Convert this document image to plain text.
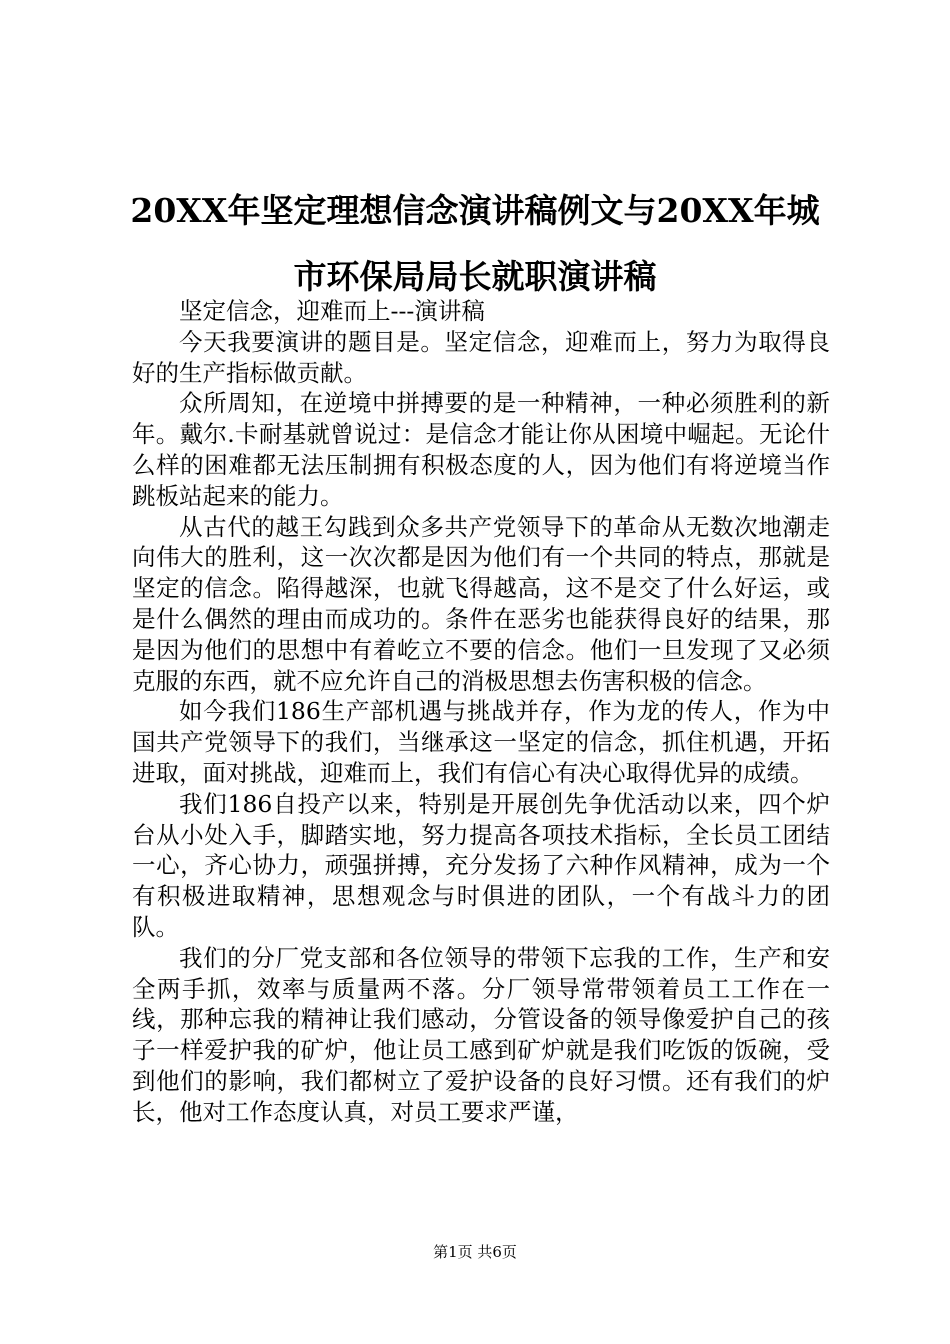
20XX年坚定理想信念演讲稿例文与20XX年城市环保局局长就职演讲稿

坚定信念，迎难而上---演讲稿

今天我要演讲的题目是。坚定信念，迎难而上，努力为取得良好的生产指标做贡献。

众所周知，在逆境中拼搏要的是一种精神，一种必须胜利的新年。戴尔.卡耐基就曾说过：是信念才能让你从困境中崛起。无论什么样的困难都无法压制拥有积极态度的人，因为他们有将逆境当作跳板站起来的能力。

从古代的越王勾践到众多共产党领导下的革命从无数次地潮走向伟大的胜利，这一次次都是因为他们有一个共同的特点，那就是坚定的信念。陷得越深，也就飞得越高，这不是交了什么好运，或是什么偶然的理由而成功的。条件在恶劣也能获得良好的结果，那是因为他们的思想中有着屹立不要的信念。他们一旦发现了又必须克服的东西，就不应允许自己的消极思想去伤害积极的信念。

如今我们186生产部机遇与挑战并存，作为龙的传人，作为中国共产党领导下的我们，当继承这一坚定的信念，抓住机遇，开拓进取，面对挑战，迎难而上，我们有信心有决心取得优异的成绩。

我们186自投产以来，特别是开展创先争优活动以来，四个炉台从小处入手，脚踏实地，努力提高各项技术指标，全长员工团结一心，齐心协力，顽强拼搏，充分发扬了六种作风精神，成为一个有积极进取精神，思想观念与时俱进的团队，一个有战斗力的团队。

我们的分厂党支部和各位领导的带领下忘我的工作，生产和安全两手抓，效率与质量两不落。分厂领导常带领着员工工作在一线，那种忘我的精神让我们感动，分管设备的领导像爱护自己的孩子一样爱护我的矿炉，他让员工感到矿炉就是我们吃饭的饭碗，受到他们的影响，我们都树立了爱护设备的良好习惯。还有我们的炉长，他对工作态度认真，对员工要求严谨，

第1页 共6页
